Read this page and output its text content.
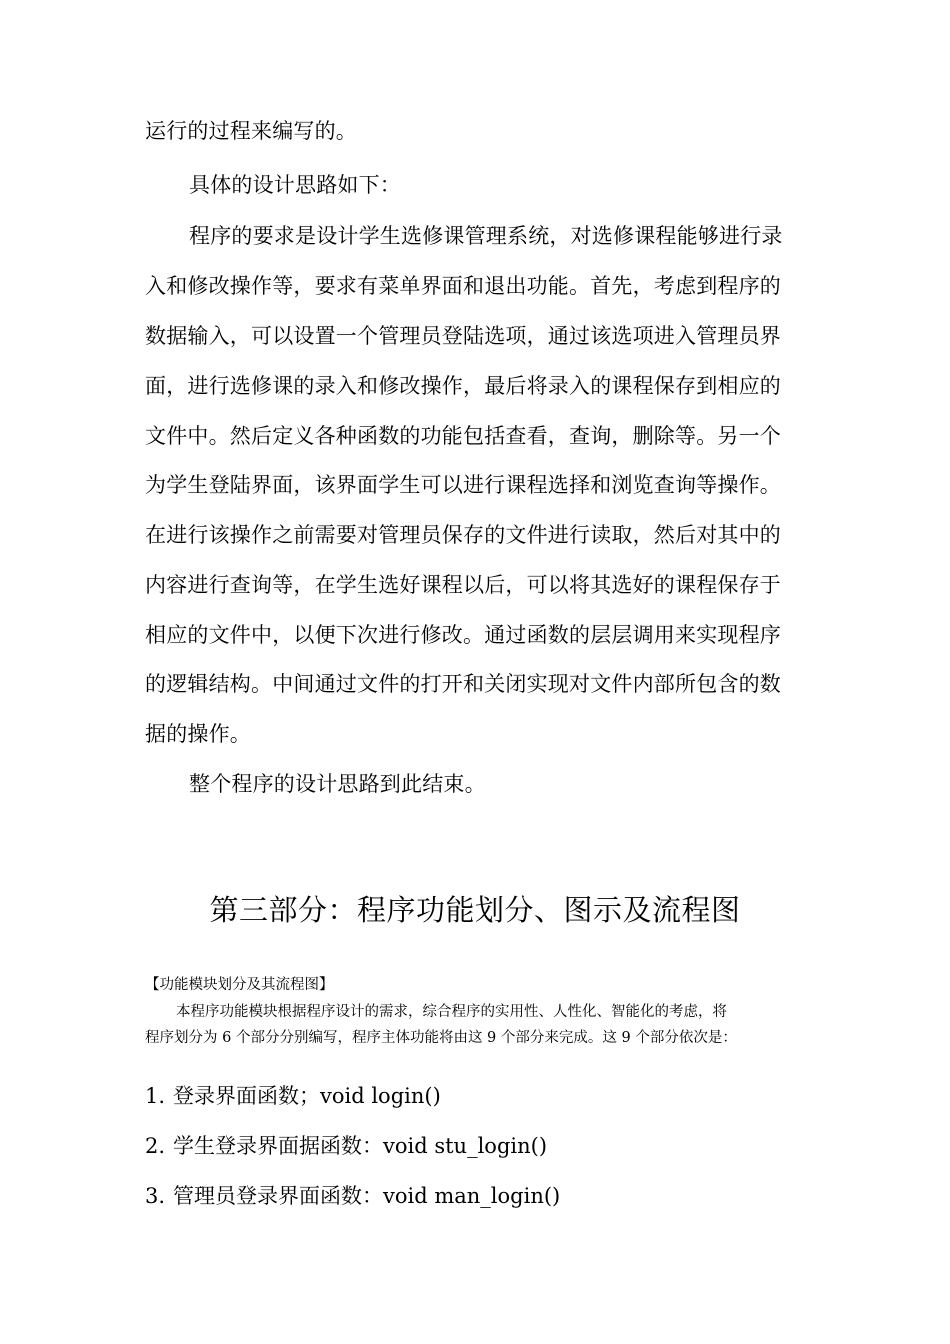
运行的过程来编写的。
具体的设计思路如下：
程序的要求是设计学生选修课管理系统，对选修课程能够进行录
入和修改操作等，要求有菜单界面和退出功能。首先，考虑到程序的
数据输入，可以设置一个管理员登陆选项，通过该选项进入管理员界
面，进行选修课的录入和修改操作，最后将录入的课程保存到相应的
文件中。然后定义各种函数的功能包括查看，查询，删除等。另一个
为学生登陆界面，该界面学生可以进行课程选择和浏览查询等操作。
在进行该操作之前需要对管理员保存的文件进行读取，然后对其中的
内容进行查询等，在学生选好课程以后，可以将其选好的课程保存于
相应的文件中，以便下次进行修改。通过函数的层层调用来实现程序
的逻辑结构。中间通过文件的打开和关闭实现对文件内部所包含的数
据的操作。
整个程序的设计思路到此结束。
第三部分：程序功能划分、图示及流程图
【功能模块划分及其流程图】
本程序功能模块根据程序设计的需求，综合程序的实用性、人性化、智能化的考虑，将
程序划分为 6 个部分分别编写，程序主体功能将由这 9 个部分来完成。这 9 个部分依次是：
1. 登录界面函数；void login()
2. 学生登录界面据函数：void stu_login()
3. 管理员登录界面函数：void man_login()
